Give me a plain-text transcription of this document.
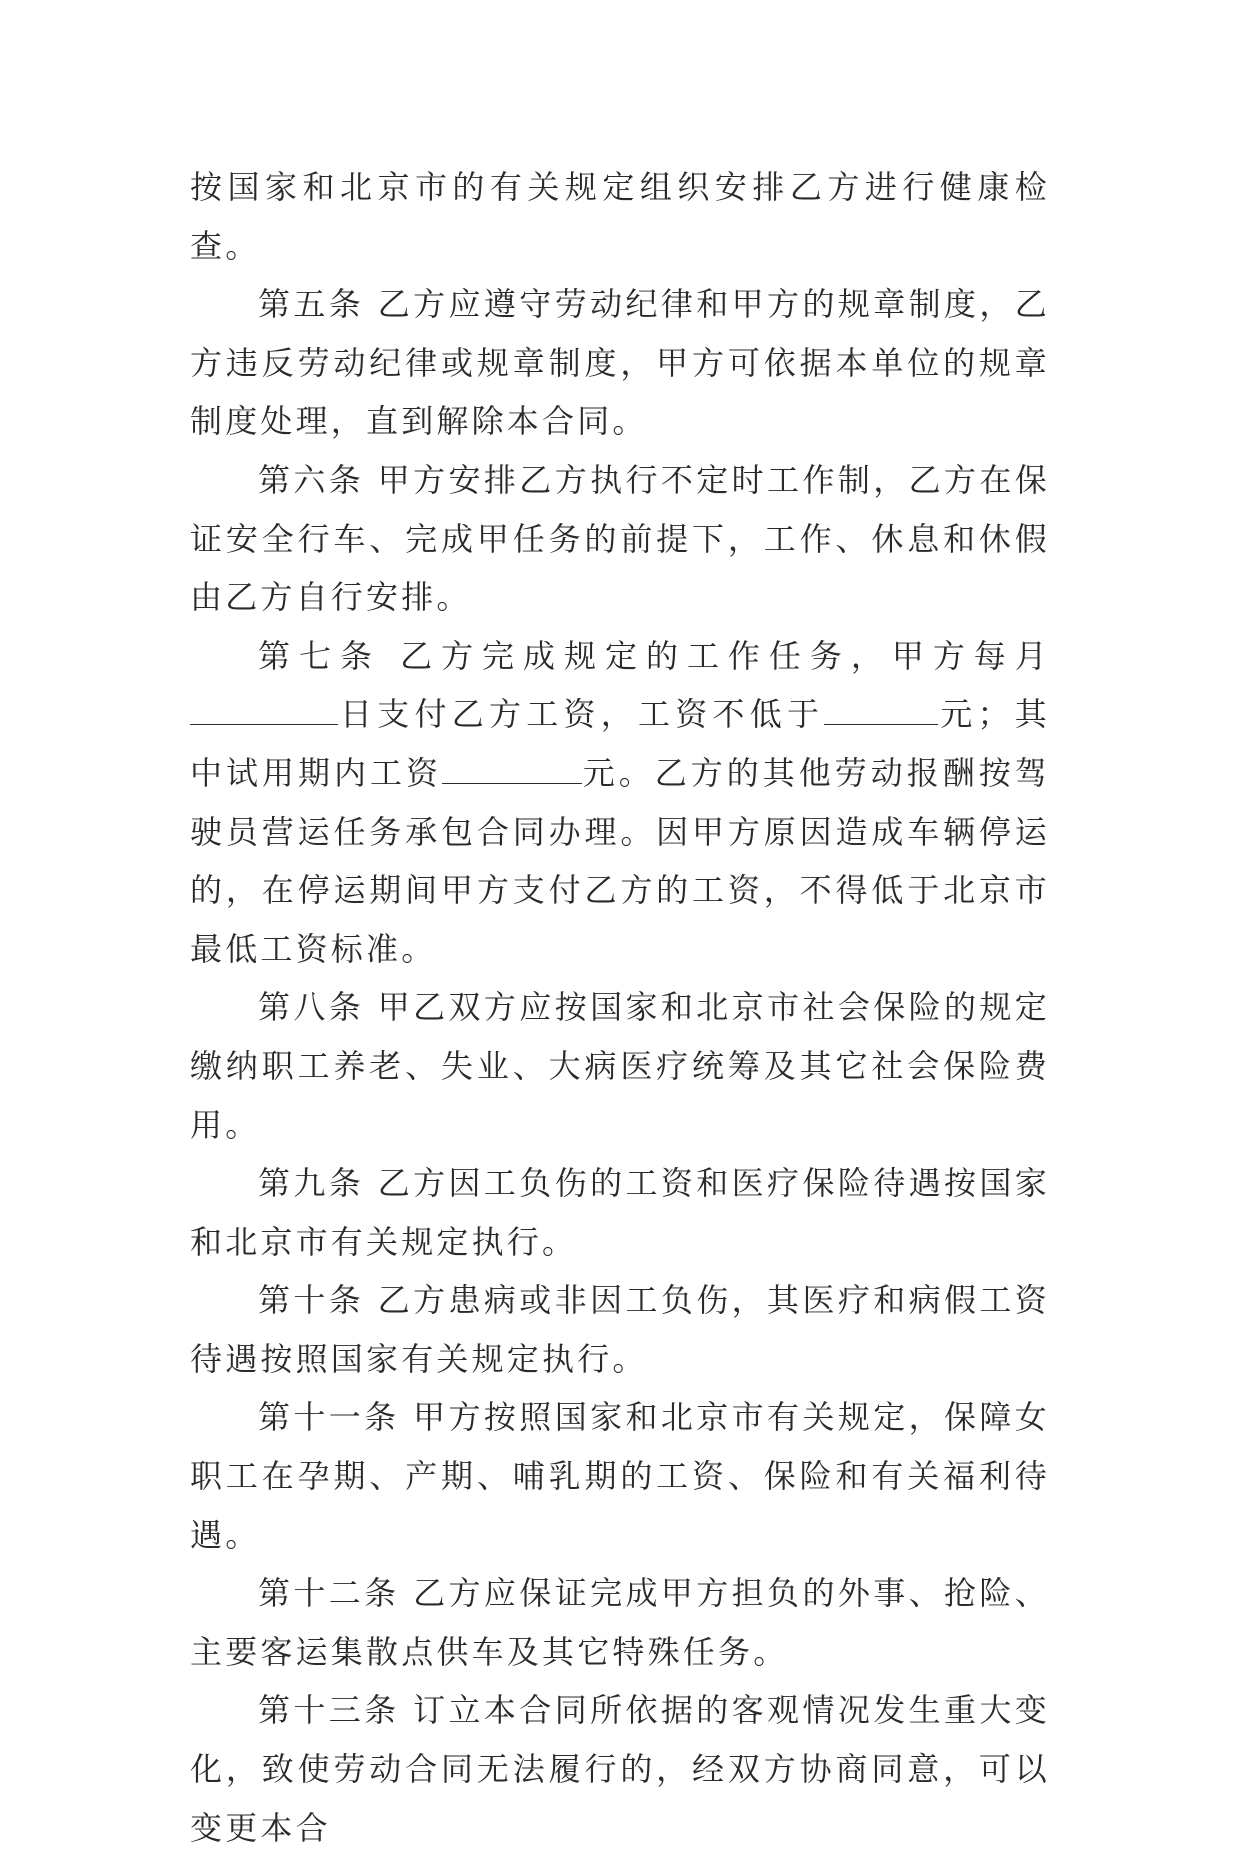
按国家和北京市的有关规定组织安排乙方进行健康检查。

第五条 乙方应遵守劳动纪律和甲方的规章制度，乙方违反劳动纪律或规章制度，甲方可依据本单位的规章制度处理，直到解除本合同。

第六条 甲方安排乙方执行不定时工作制，乙方在保证安全行车、完成甲任务的前提下，工作、休息和休假由乙方自行安排。

第七条 乙方完成规定的工作任务，甲方每月日支付乙方工资，工资不低于	元；其中试用期内工资	元。乙方的其他劳动报酬按驾驶员营运任务承包合同办理。因甲方原因造成车辆停运的，在停运期间甲方支付乙方的工资，不得低于北京市最低工资标准。

第八条 甲乙双方应按国家和北京市社会保险的规定缴纳职工养老、失业、大病医疗统筹及其它社会保险费用。

第九条 乙方因工负伤的工资和医疗保险待遇按国家和北京市有关规定执行。

第十条 乙方患病或非因工负伤，其医疗和病假工资待遇按照国家有关规定执行。

第十一条 甲方按照国家和北京市有关规定，保障女职工在孕期、产期、哺乳期的工资、保险和有关福利待遇。

第十二条 乙方应保证完成甲方担负的外事、抢险、主要客运集散点供车及其它特殊任务。

第十三条 订立本合同所依据的客观情况发生重大变化，致使劳动合同无法履行的，经双方协商同意，可以变更本合
